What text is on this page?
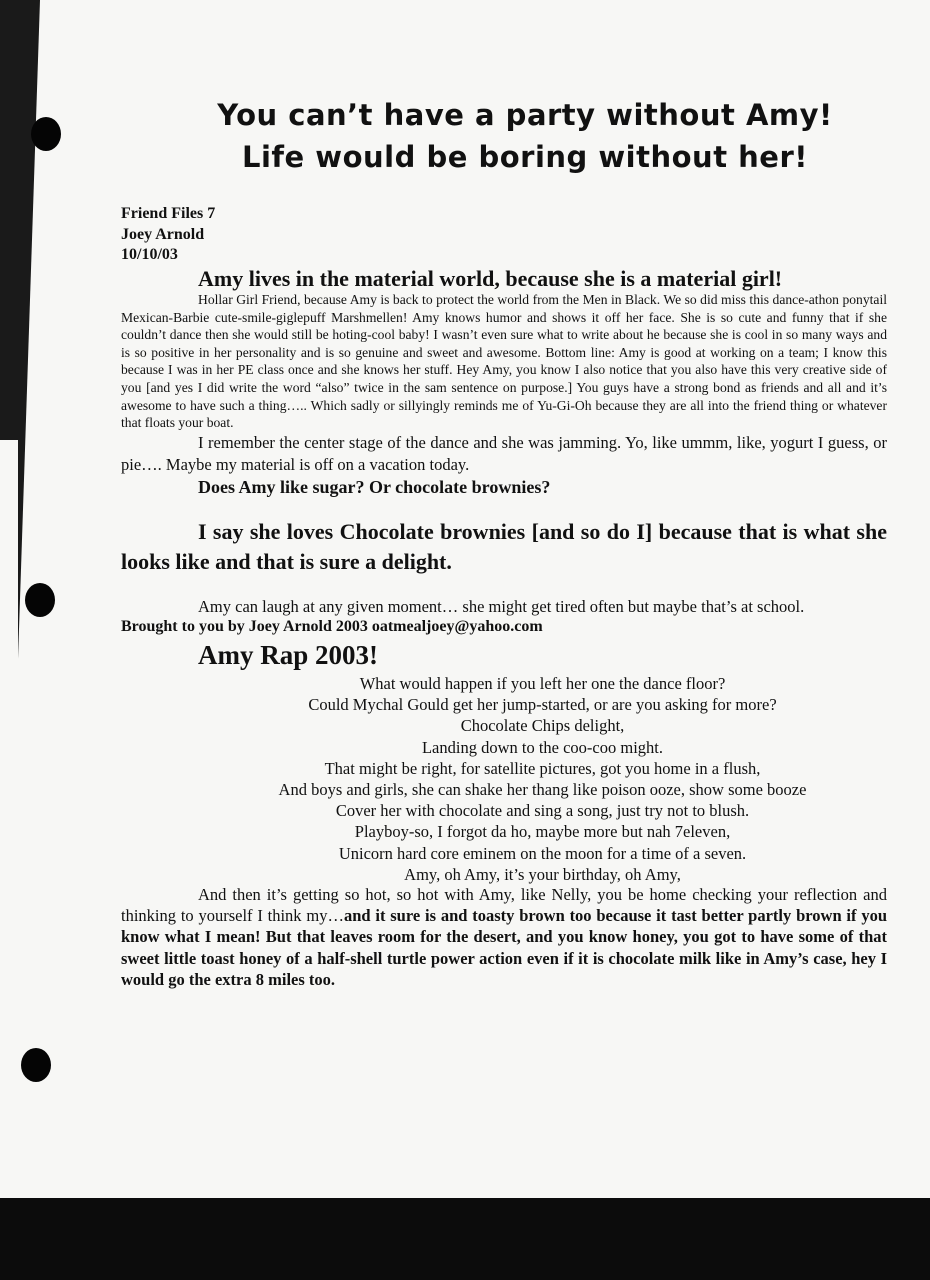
You can’t have a party without Amy!
Life would be boring without her!
Friend Files 7
Joey Arnold
10/10/03
Amy lives in the material world, because she is a material girl!

Hollar Girl Friend, because Amy is back to protect the world from the Men in Black. We so did miss this dance-athon ponytail Mexican-Barbie cute-smile-giglepuff Marshmellen! Amy knows humor and shows it off her face. She is so cute and funny that if she couldn’t dance then she would still be hoting-cool baby! I wasn’t even sure what to write about he because she is cool in so many ways and is so positive in her personality and is so genuine and sweet and awesome. Bottom line: Amy is good at working on a team; I know this because I was in her PE class once and she knows her stuff. Hey Amy, you know I also notice that you also have this very creative side of you [and yes I did write the word “also” twice in the sam sentence on purpose.] You guys have a strong bond as friends and all and it’s awesome to have such a thing….. Which sadly or sillyingly reminds me of Yu-Gi-Oh because they are all into the friend thing or whatever that floats your boat.

I remember the center stage of the dance and she was jamming. Yo, like ummm, like, yogurt I guess, or pie…. Maybe my material is off on a vacation today.

Does Amy like sugar? Or chocolate brownies?

I say she loves Chocolate brownies [and so do I] because that is what she looks like and that is sure a delight.

Amy can laugh at any given moment… she might get tired often but maybe that’s at school.

Brought to you by Joey Arnold 2003 oatmealjoey@yahoo.com
Amy Rap 2003!
What would happen if you left her one the dance floor?
Could Mychal Gould get her jump-started, or are you asking for more?
Chocolate Chips delight,
Landing down to the coo-coo might.
That might be right, for satellite pictures, got you home in a flush,
And boys and girls, she can shake her thang like poison ooze, show some booze
Cover her with chocolate and sing a song, just try not to blush.
Playboy-so, I forgot da ho, maybe more but nah 7eleven,
Unicorn hard core eminem on the moon for a time of a seven.
Amy, oh Amy, it’s your birthday, oh Amy,

And then it’s getting so hot, so hot with Amy, like Nelly, you be home checking your reflection and thinking to yourself I think my…and it sure is and toasty brown too because it tast better partly brown if you know what I mean! But that leaves room for the desert, and you know honey, you got to have some of that sweet little toast honey of a half-shell turtle power action even if it is chocolate milk like in Amy’s case, hey I would go the extra 8 miles too.
